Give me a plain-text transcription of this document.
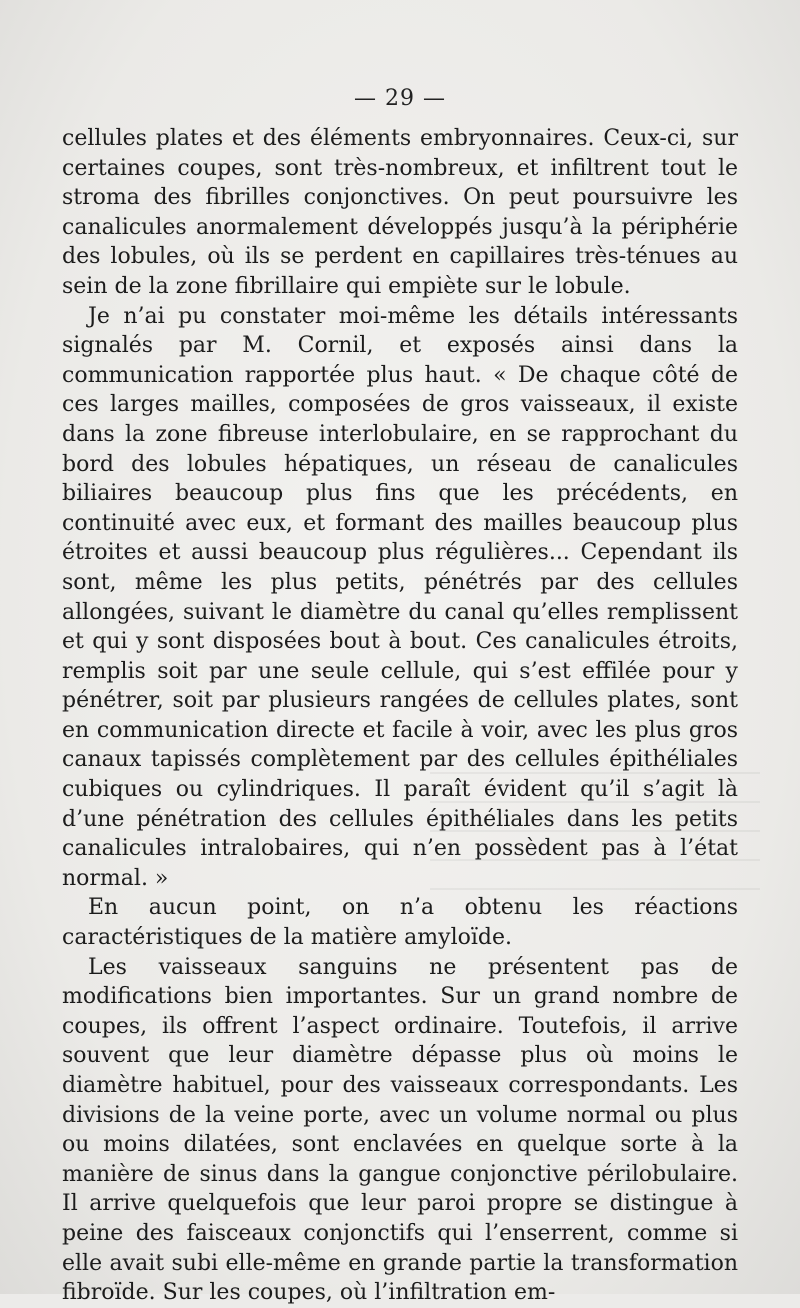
— 29 —

cellules plates et des éléments embryonnaires. Ceux-ci, sur certaines coupes, sont très-nombreux, et infiltrent tout le stroma des fibrilles conjonctives. On peut poursuivre les canalicules anormalement développés jusqu’à la périphérie des lobules, où ils se perdent en capillaires très-ténues au sein de la zone fibrillaire qui empiète sur le lobule.

Je n’ai pu constater moi-même les détails intéressants signalés par M. Cornil, et exposés ainsi dans la communication rapportée plus haut. « De chaque côté de ces larges mailles, composées de gros vaisseaux, il existe dans la zone fibreuse interlobulaire, en se rapprochant du bord des lobules hépatiques, un réseau de canalicules biliaires beaucoup plus fins que les précédents, en continuité avec eux, et formant des mailles beaucoup plus étroites et aussi beaucoup plus régulières... Cependant ils sont, même les plus petits, pénétrés par des cellules allongées, suivant le diamètre du canal qu’elles remplissent et qui y sont disposées bout à bout. Ces canalicules étroits, remplis soit par une seule cellule, qui s’est effilée pour y pénétrer, soit par plusieurs rangées de cellules plates, sont en communication directe et facile à voir, avec les plus gros canaux tapissés complètement par des cellules épithéliales cubiques ou cylindriques. Il paraît évident qu’il s’agit là d’une pénétration des cellules épithéliales dans les petits canalicules intralobaires, qui n’en possèdent pas à l’état normal. »

En aucun point, on n’a obtenu les réactions caractéristiques de la matière amyloïde.

Les vaisseaux sanguins ne présentent pas de modifications bien importantes. Sur un grand nombre de coupes, ils offrent l’aspect ordinaire. Toutefois, il arrive souvent que leur diamètre dépasse plus où moins le diamètre habituel, pour des vaisseaux correspondants. Les divisions de la veine porte, avec un volume normal ou plus ou moins dilatées, sont enclavées en quelque sorte à la manière de sinus dans la gangue conjonctive périlobulaire. Il arrive quelquefois que leur paroi propre se distingue à peine des faisceaux conjonctifs qui l’enserrent, comme si elle avait subi elle-même en grande partie la transformation fibroïde. Sur les coupes, où l’infiltration em-
